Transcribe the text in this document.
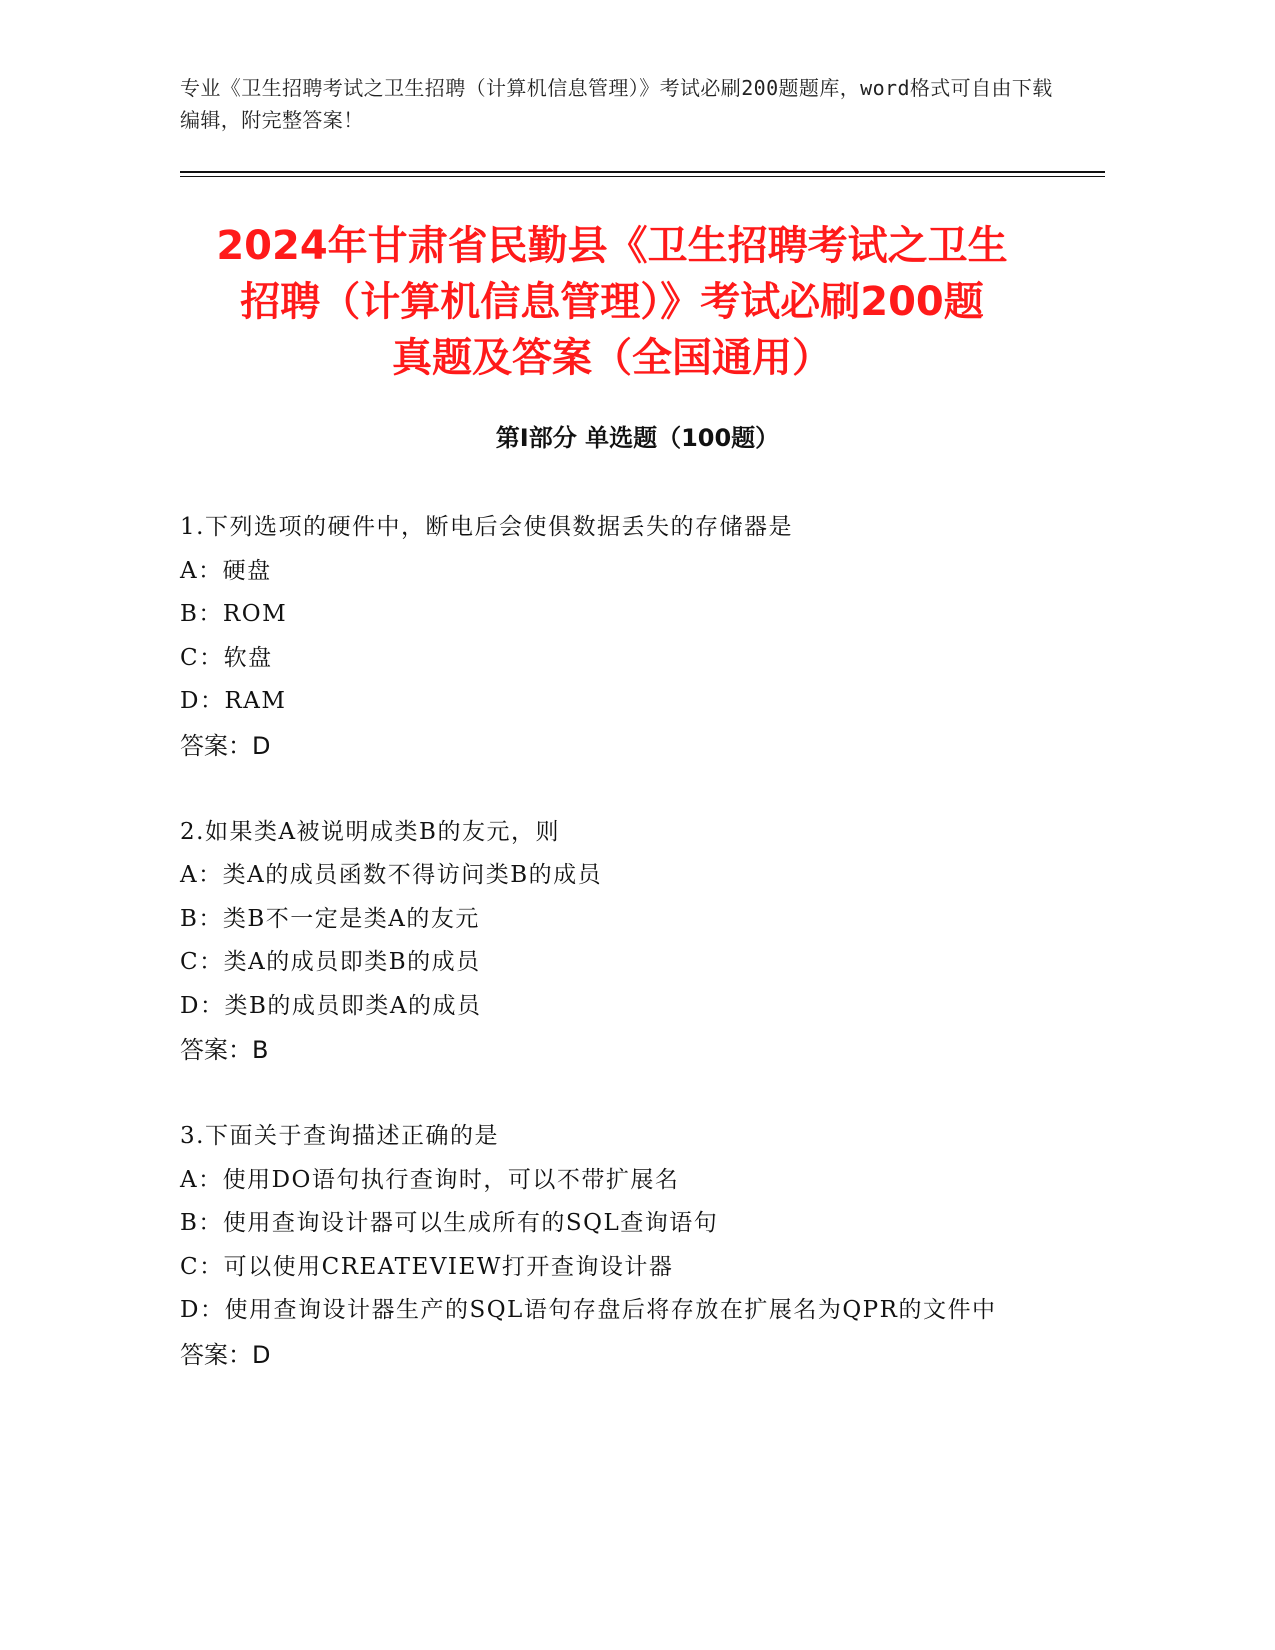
专业《卫生招聘考试之卫生招聘（计算机信息管理）》考试必刷200题题库，word格式可自由下载编辑，附完整答案！
2024年甘肃省民勤县《卫生招聘考试之卫生
招聘（计算机信息管理）》考试必刷200题
真题及答案（全国通用）
第Ⅰ部分 单选题（100题）
1.下列选项的硬件中，断电后会使俱数据丢失的存储器是
A：硬盘
B：ROM
C：软盘
D：RAM
答案：D
2.如果类A被说明成类B的友元，则
A：类A的成员函数不得访问类B的成员
B：类B不一定是类A的友元
C：类A的成员即类B的成员
D：类B的成员即类A的成员
答案：B
3.下面关于查询描述正确的是
A：使用DO语句执行查询时，可以不带扩展名
B：使用查询设计器可以生成所有的SQL查询语句
C：可以使用CREATEVIEW打开查询设计器
D：使用查询设计器生产的SQL语句存盘后将存放在扩展名为QPR的文件中
答案：D
